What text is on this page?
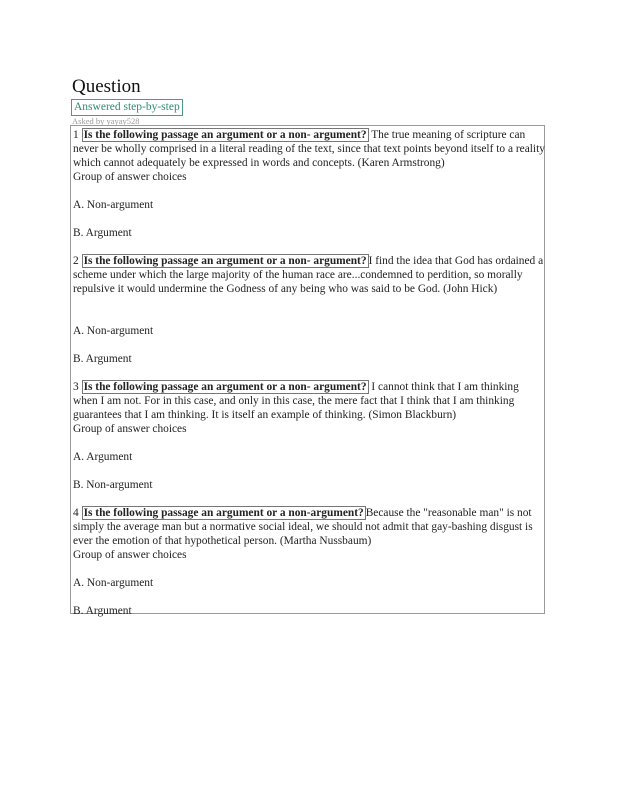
Question
Answered step-by-step
Asked by yayay528
1 Is the following passage an argument or a non- argument? The true meaning of scripture can never be wholly comprised in a literal reading of the text, since that text points beyond itself to a reality which cannot adequately be expressed in words and concepts. (Karen Armstrong)
Group of answer choices
A. Non-argument
B. Argument
2 Is the following passage an argument or a non- argument? I find the idea that God has ordained a scheme under which the large majority of the human race are...condemned to perdition, so morally repulsive it would undermine the Godness of any being who was said to be God. (John Hick)
A. Non-argument
B. Argument
3 Is the following passage an argument or a non- argument? I cannot think that I am thinking when I am not. For in this case, and only in this case, the mere fact that I think that I am thinking guarantees that I am thinking. It is itself an example of thinking. (Simon Blackburn)
Group of answer choices
A. Argument
B. Non-argument
4 Is the following passage an argument or a non-argument? Because the "reasonable man" is not simply the average man but a normative social ideal, we should not admit that gay-bashing disgust is ever the emotion of that hypothetical person. (Martha Nussbaum)
Group of answer choices
A. Non-argument
B. Argument
